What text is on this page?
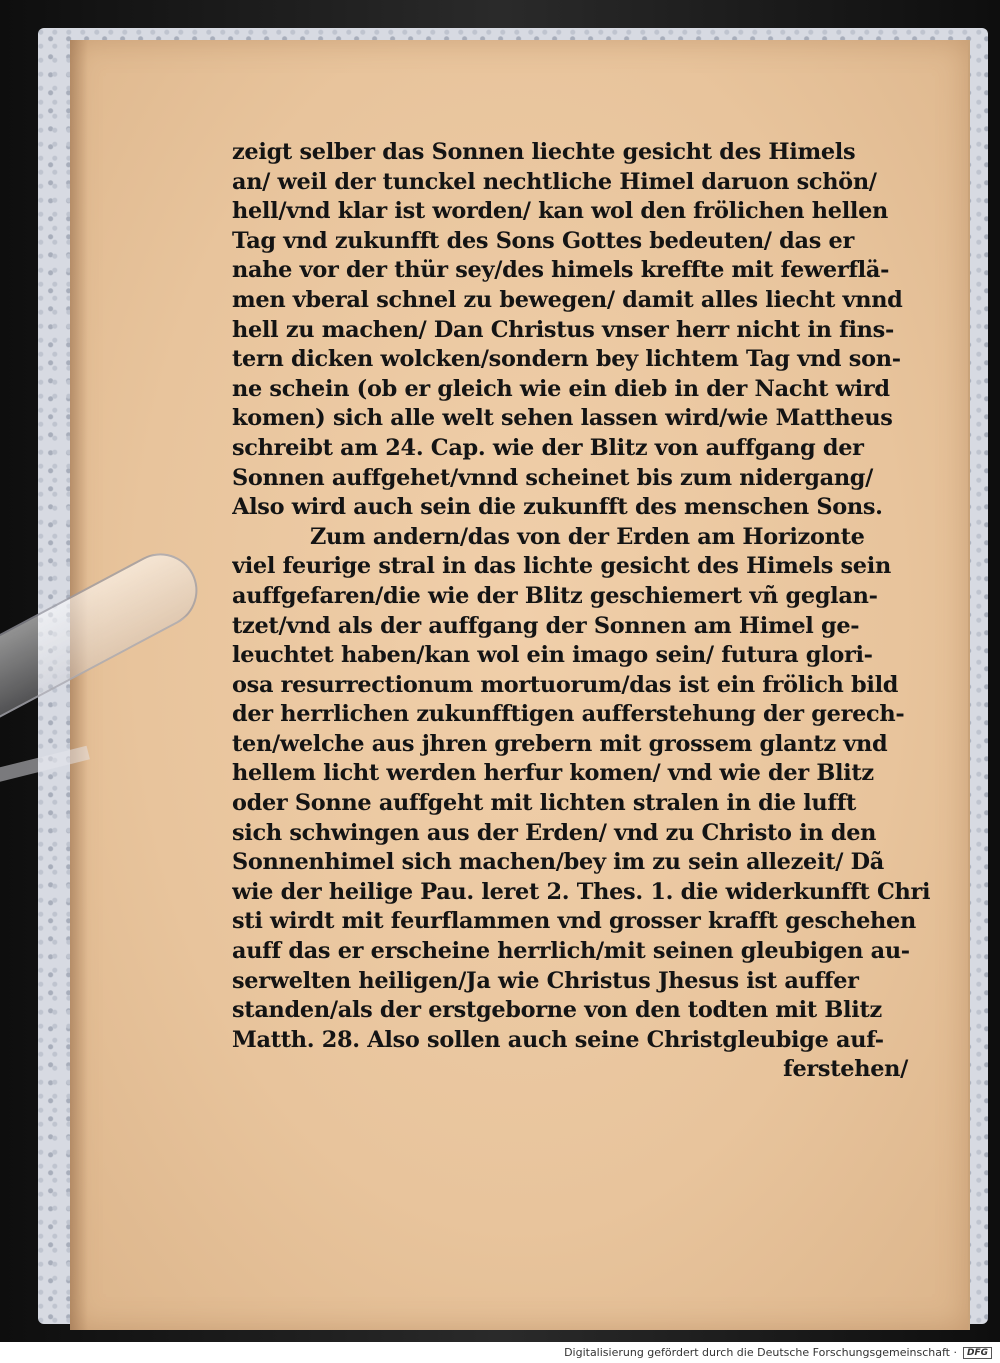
zeigt selber das Sonnen liechte gesicht des Himels
an/ weil der tunckel nechtliche Himel daruon schön/
hell/vnd klar ist worden/ kan wol den frölichen hellen
Tag vnd zukunfft des Sons Gottes bedeuten/ das er
nahe vor der thür sey/des himels kreffte mit fewerflä-
men vberal schnel zu bewegen/ damit alles liecht vnnd
hell zu machen/ Dan Christus vnser herr nicht in fins-
tern dicken wolcken/sondern bey lichtem Tag vnd son-
ne schein (ob er gleich wie ein dieb in der Nacht wird
komen) sich alle welt sehen lassen wird/wie Mattheus
schreibt am 24. Cap. wie der Blitz von auffgang der
Sonnen auffgehet/vnnd scheinet bis zum nidergang/
Also wird auch sein die zukunfft des menschen Sons.
Zum andern/das von der Erden am Horizonte
viel feurige stral in das lichte gesicht des Himels sein
auffgefaren/die wie der Blitz geschiemert vñ geglan-
tzet/vnd als der auffgang der Sonnen am Himel ge-
leuchtet haben/kan wol ein imago sein/ futura glori-
osa resurrectionum mortuorum/das ist ein frölich bild
der herrlichen zukunfftigen aufferstehung der gerech-
ten/welche aus jhren grebern mit grossem glantz vnd
hellem licht werden herfur komen/ vnd wie der Blitz
oder Sonne auffgeht mit lichten stralen in die lufft
sich schwingen aus der Erden/ vnd zu Christo in den
Sonnenhimel sich machen/bey im zu sein allezeit/ Dã
wie der heilige Pau. leret 2. Thes. 1. die widerkunfft Chri
sti wirdt mit feurflammen vnd grosser krafft geschehen
auff das er erscheine herrlich/mit seinen gleubigen au-
serwelten heiligen/Ja wie Christus Jhesus ist auffer
standen/als der erstgeborne von den todten mit Blitz
Matth. 28. Also sollen auch seine Christgleubige auf-
ferstehen/
Digitalisierung gefördert durch die Deutsche Forschungsgemeinschaft ·	DFG
